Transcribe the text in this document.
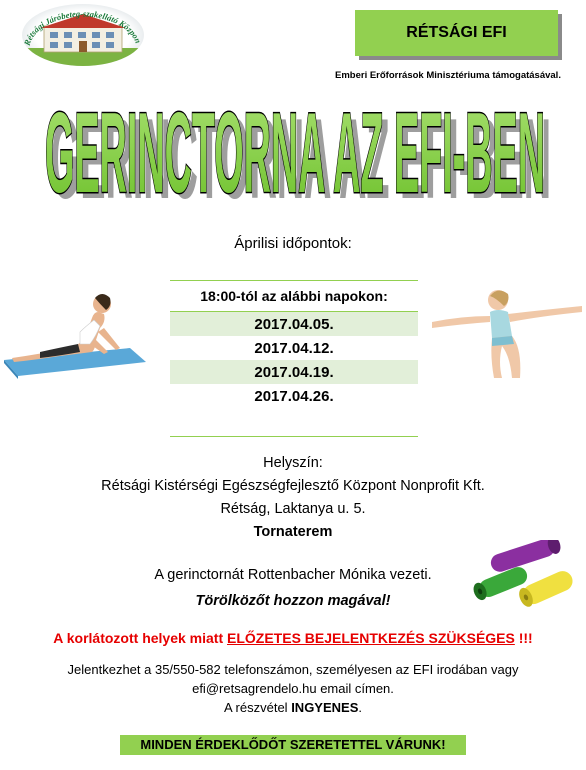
Rétsági Járóbeteg-szakellátó Közpon	RÉTSÁGI EFI
Emberi Erőforrások Minisztériuma támogatásával.
GERINCTORNA AZ EFI-BEN
GERINCTORNA AZ EFI-BEN
Áprilisi időpontok:
18:00-tól az alábbi napokon:
2017.04.05.
2017.04.12.
2017.04.19.
2017.04.26.
Helyszín:
Rétsági Kistérségi Egészségfejlesztő Központ Nonprofit Kft.
Rétság, Laktanya u. 5.
Tornaterem
A gerinctornát Rottenbacher Mónika vezeti.
Törölközőt hozzon magával!
A korlátozott helyek miatt ELŐZETES BEJELENTKEZÉS SZÜKSÉGES !!!
Jelentkezhet a 35/550-582 telefonszámon, személyesen az EFI irodában vagy
efi@retsagrendelo.hu email címen.
A részvétel INGYENES.
MINDEN ÉRDEKLŐDŐT SZERETETTEL VÁRUNK!
